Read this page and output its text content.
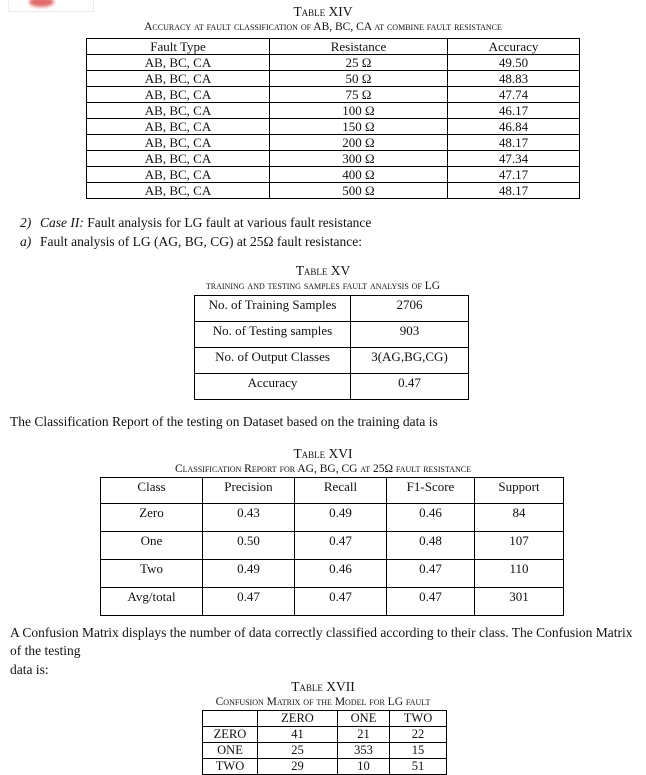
Table XIV
Accuracy at fault classification of AB, BC, CA at combine fault resistance
Fault Type	Resistance	Accuracy
AB, BC, CA	25 Ω	49.50
AB, BC, CA	50 Ω	48.83
AB, BC, CA	75 Ω	47.74
AB, BC, CA	100 Ω	46.17
AB, BC, CA	150 Ω	46.84
AB, BC, CA	200 Ω	48.17
AB, BC, CA	300 Ω	47.34
AB, BC, CA	400 Ω	47.17
AB, BC, CA	500 Ω	48.17
2) Case II: Fault analysis for LG fault at various fault resistance
a) Fault analysis of LG (AG, BG, CG) at 25Ω fault resistance:
Table XV
training and testing samples fault analysis of LG
No. of Training Samples	2706
No. of Testing samples	903
No. of Output Classes	3(AG,BG,CG)
Accuracy	0.47
The Classification Report of the testing on Dataset based on the training data is
Table XVI
Classification Report for AG, BG, CG at 25Ω fault resistance
Class	Precision	Recall	F1-Score	Support
Zero	0.43	0.49	0.46	84
One	0.50	0.47	0.48	107
Two	0.49	0.46	0.47	110
Avg/total	0.47	0.47	0.47	301
A Confusion Matrix displays the number of data correctly classified according to their class. The Confusion Matrix of the testing
data is:
Table XVII
Confusion Matrix of the Model for LG fault
	ZERO	ONE	TWO
ZERO	41	21	22
ONE	25	353	15
TWO	29	10	51
